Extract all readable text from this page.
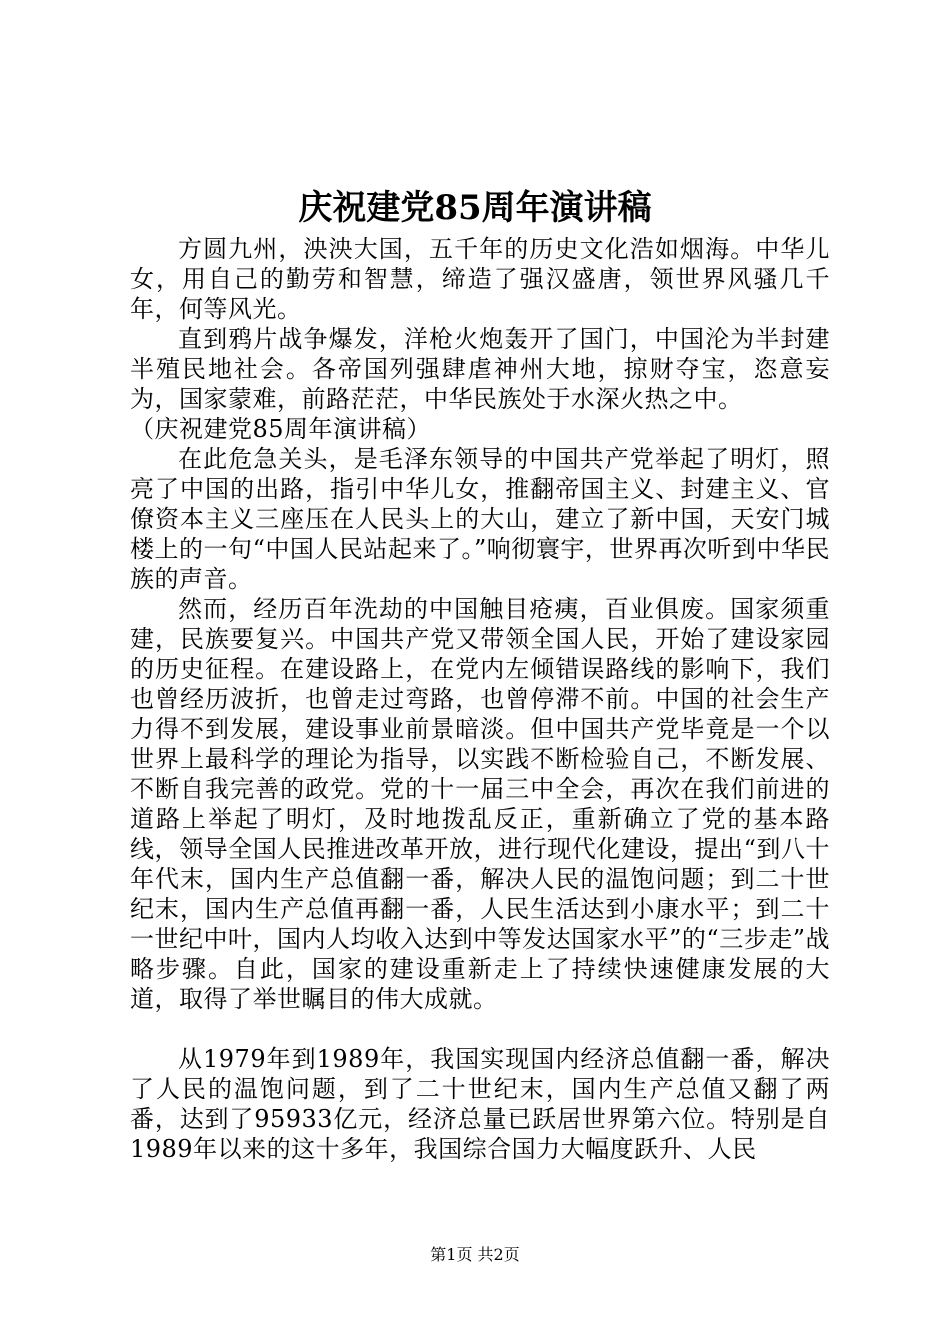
庆祝建党85周年演讲稿

方圆九州，泱泱大国，五千年的历史文化浩如烟海。中华儿女，用自己的勤劳和智慧，缔造了强汉盛唐，领世界风骚几千年，何等风光。

直到鸦片战争爆发，洋枪火炮轰开了国门，中国沦为半封建半殖民地社会。各帝国列强肆虐神州大地，掠财夺宝，恣意妄为，国家蒙难，前路茫茫，中华民族处于水深火热之中。

（庆祝建党85周年演讲稿）

在此危急关头，是毛泽东领导的中国共产党举起了明灯，照亮了中国的出路，指引中华儿女，推翻帝国主义、封建主义、官僚资本主义三座压在人民头上的大山，建立了新中国，天安门城楼上的一句“中国人民站起来了。”响彻寰宇，世界再次听到中华民族的声音。

然而，经历百年洗劫的中国触目疮痍，百业俱废。国家须重建，民族要复兴。中国共产党又带领全国人民，开始了建设家园的历史征程。在建设路上，在党内左倾错误路线的影响下，我们也曾经历波折，也曾走过弯路，也曾停滞不前。中国的社会生产力得不到发展，建设事业前景暗淡。但中国共产党毕竟是一个以世界上最科学的理论为指导，以实践不断检验自己，不断发展、不断自我完善的政党。党的十一届三中全会，再次在我们前进的道路上举起了明灯，及时地拨乱反正，重新确立了党的基本路线，领导全国人民推进改革开放，进行现代化建设，提出“到八十年代末，国内生产总值翻一番，解决人民的温饱问题；到二十世纪末，国内生产总值再翻一番，人民生活达到小康水平；到二十一世纪中叶，国内人均收入达到中等发达国家水平”的“三步走”战略步骤。自此，国家的建设重新走上了持续快速健康发展的大道，取得了举世瞩目的伟大成就。

从1979年到1989年，我国实现国内经济总值翻一番，解决了人民的温饱问题，到了二十世纪末，国内生产总值又翻了两番，达到了95933亿元，经济总量已跃居世界第六位。特别是自1989年以来的这十多年，我国综合国力大幅度跃升、人民

第1页 共2页
